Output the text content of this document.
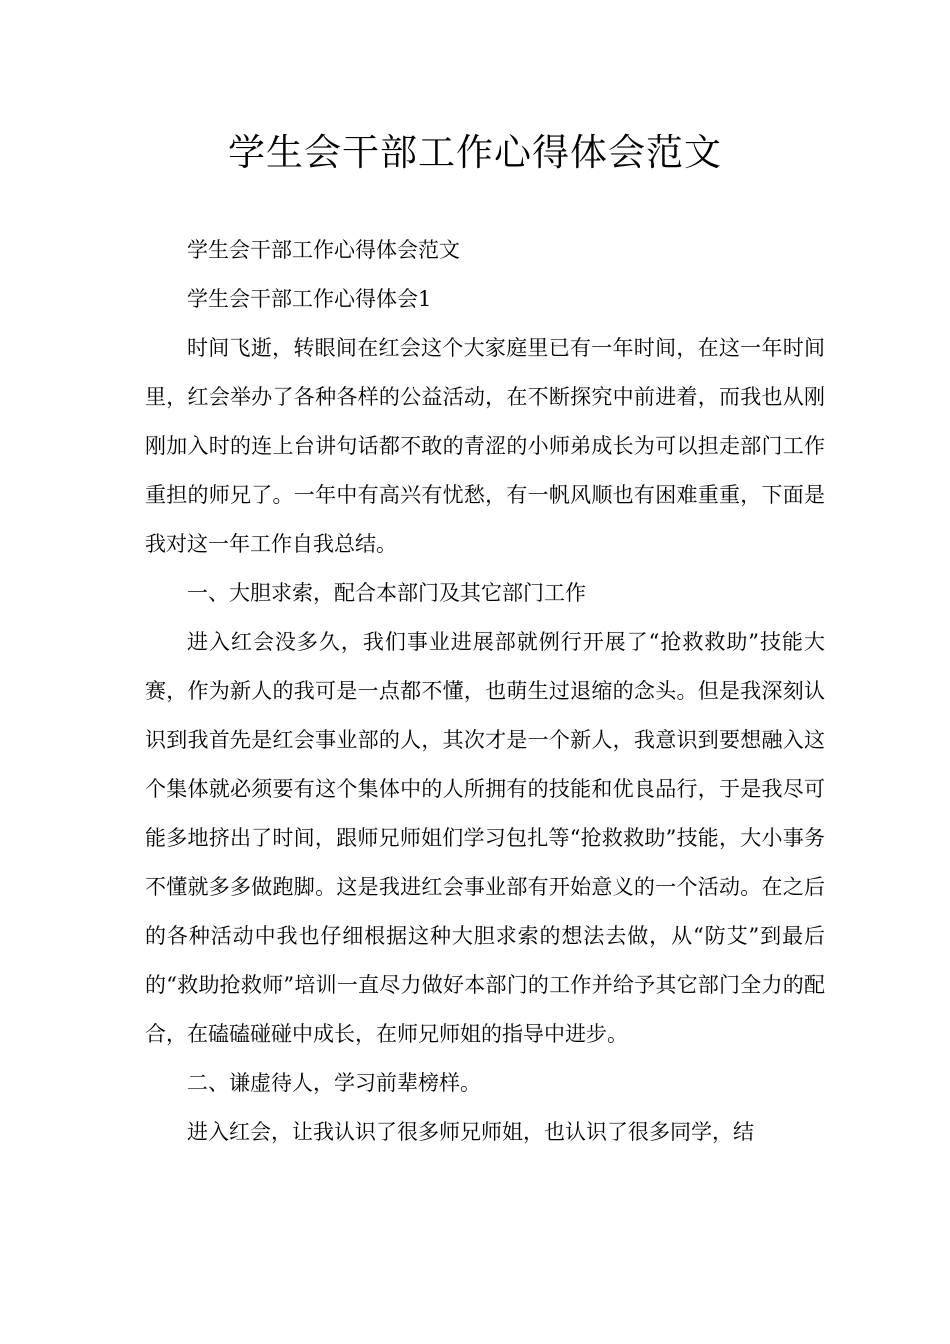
学生会干部工作心得体会范文

学生会干部工作心得体会范文

学生会干部工作心得体会1

时间飞逝，转眼间在红会这个大家庭里已有一年时间，在这一年时间里，红会举办了各种各样的公益活动，在不断探究中前进着，而我也从刚刚加入时的连上台讲句话都不敢的青涩的小师弟成长为可以担走部门工作重担的师兄了。一年中有高兴有忧愁，有一帆风顺也有困难重重，下面是我对这一年工作自我总结。

一、大胆求索，配合本部门及其它部门工作

进入红会没多久，我们事业进展部就例行开展了“抢救救助”技能大赛，作为新人的我可是一点都不懂，也萌生过退缩的念头。但是我深刻认识到我首先是红会事业部的人，其次才是一个新人，我意识到要想融入这个集体就必须要有这个集体中的人所拥有的技能和优良品行，于是我尽可能多地挤出了时间，跟师兄师姐们学习包扎等“抢救救助”技能，大小事务不懂就多多做跑脚。这是我进红会事业部有开始意义的一个活动。在之后的各种活动中我也仔细根据这种大胆求索的想法去做，从“防艾”到最后的“救助抢救师”培训一直尽力做好本部门的工作并给予其它部门全力的配合，在磕磕碰碰中成长，在师兄师姐的指导中进步。

二、谦虚待人，学习前辈榜样。

进入红会，让我认识了很多师兄师姐，也认识了很多同学，结
